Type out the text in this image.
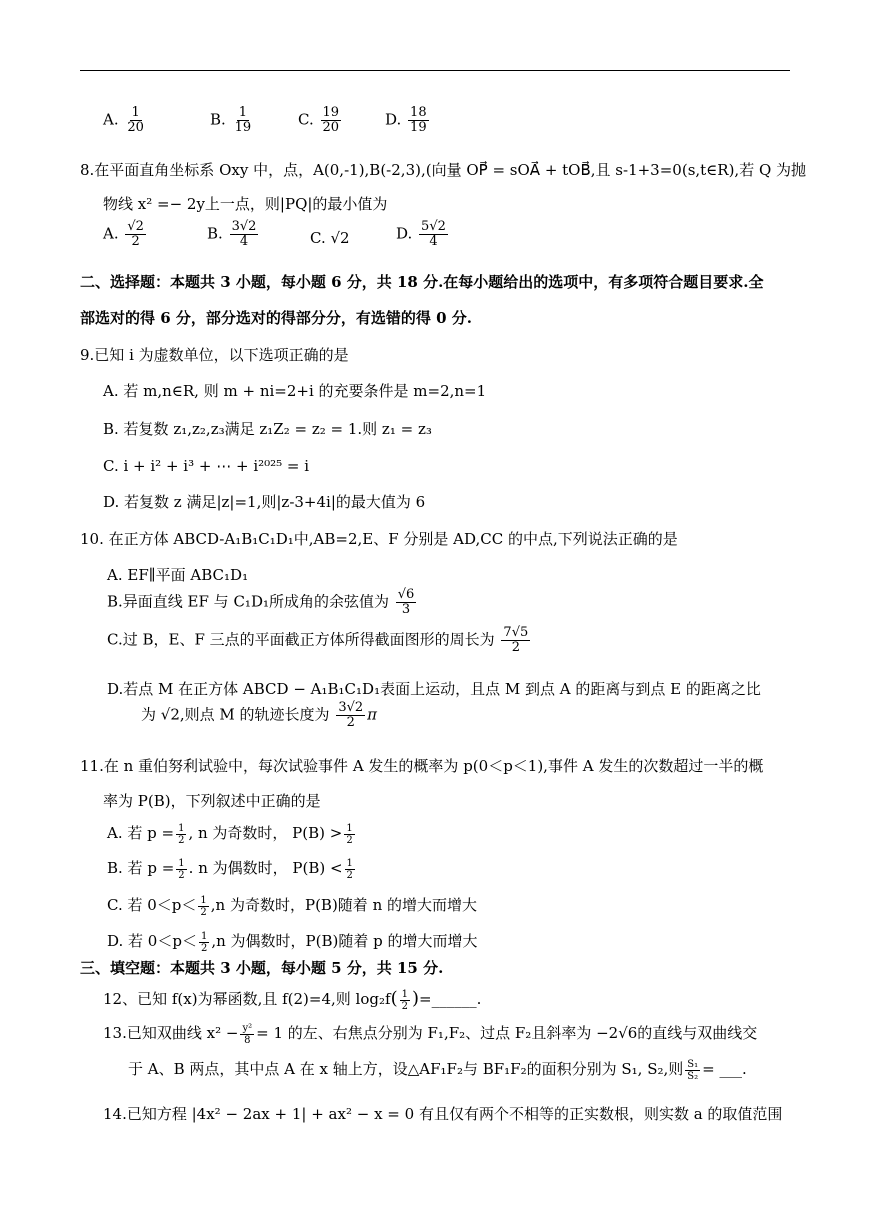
A. $\frac{1}{20}$	B. $\frac{1}{19}$	C. $\frac{19}{20}$	D. $\frac{18}{19}$
8.在平面直角坐标系 Oxy 中，点，A(0,-1),B(-2,3),(向量 OP⃗ = sOA⃗ + tOB⃗,且 s-1+3=0(s,t∈R),若 Q 为抛
物线 x² =− 2y上一点，则|PQ|的最小值为
A. $\frac{√2}{2}$	B. $\frac{3√2}{4}$	C. √2	D. $\frac{5√2}{4}$
二、选择题：本题共 3 小题，每小题 6 分，共 18 分.在每小题给出的选项中，有多项符合题目要求.全
部选对的得 6 分，部分选对的得部分分，有选错的得 0 分.
9.已知 i 为虚数单位，以下选项正确的是
A. 若 m,n∈R, 则 m + ni=2+i 的充要条件是 m=2,n=1
B. 若复数 z₁,z₂,z₃满足 z₁Z₂ = z₂ = 1.则 z₁ = z₃
C. i + i² + i³ + ⋯ + i²⁰²⁵ = i
D. 若复数 z 满足|z|=1,则|z-3+4i|的最大值为 6
10. 在正方体 ABCD-A₁B₁C₁D₁中,AB=2,E、F 分别是 AD,CC 的中点,下列说法正确的是
A. EF∥平面 ABC₁D₁
B.异面直线 EF 与 C₁D₁所成角的余弦值为 $\frac{√6}{3}$
C.过 B，E、F 三点的平面截正方体所得截面图形的周长为 $\frac{7√5}{2}$
D.若点 M 在正方体 ABCD − A₁B₁C₁D₁表面上运动，且点 M 到点 A 的距离与到点 E 的距离之比
为 √2,则点 M 的轨迹长度为 $\frac{3√2}{2}$ π
11.在 n 重伯努利试验中，每次试验事件 A 发生的概率为 p(0＜p＜1),事件 A 发生的次数超过一半的概
率为 P(B)，下列叙述中正确的是
A. 若 $p = \frac{1}{2}$ , n 为奇数时， $P(B) > \frac{1}{2}$
B. 若 $p = \frac{1}{2}$ . n 为偶数时， $P(B) < \frac{1}{2}$
C. 若 $0<p< \frac{1}{2} ,n$ 为奇数时，P(B)随着 n 的增大而增大
D. 若 $0<p< \frac{1}{2} ,n$ 为偶数时，P(B)随着 p 的增大而增大
三、填空题：本题共 3 小题，每小题 5 分，共 15 分.
12、已知 f(x)为幂函数,且 f(2)=4,则 $\log_2f( \frac{1}{2}$ )=______.
13.已知双曲线 $x^2 - \frac{\text{y²}}{8} = 1$ 的左、右焦点分别为 F₁,F₂、过点 F₂且斜率为 −2√6的直线与双曲线交
于 A、B 两点，其中点 A 在 x 轴上方，设△AF₁F₂与 BF₁F₂的面积分别为 S₁, S₂,则 $\frac{\text{S₁}}{\text{S₂}}$ = ___.
14.已知方程 |4x² − 2ax + 1| + ax² − x = 0 有且仅有两个不相等的正实数根，则实数 a 的取值范围
